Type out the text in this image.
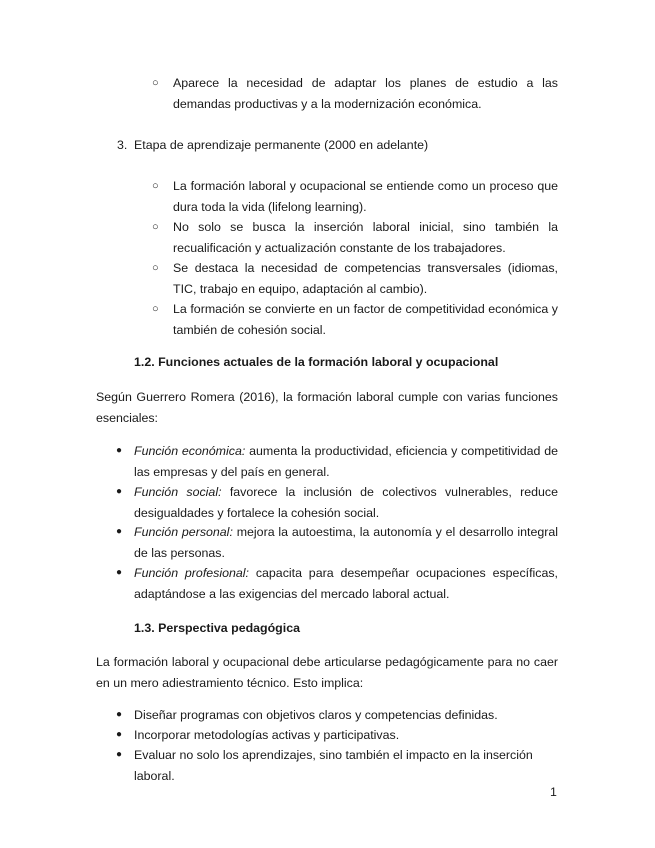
○ Aparece la necesidad de adaptar los planes de estudio a las demandas productivas y a la modernización económica.
3. Etapa de aprendizaje permanente (2000 en adelante)
○ La formación laboral y ocupacional se entiende como un proceso que dura toda la vida (lifelong learning).
○ No solo se busca la inserción laboral inicial, sino también la recualificación y actualización constante de los trabajadores.
○ Se destaca la necesidad de competencias transversales (idiomas, TIC, trabajo en equipo, adaptación al cambio).
○ La formación se convierte en un factor de competitividad económica y también de cohesión social.
1.2. Funciones actuales de la formación laboral y ocupacional
Según Guerrero Romera (2016), la formación laboral cumple con varias funciones esenciales:
● Función económica: aumenta la productividad, eficiencia y competitividad de las empresas y del país en general.
● Función social: favorece la inclusión de colectivos vulnerables, reduce desigualdades y fortalece la cohesión social.
● Función personal: mejora la autoestima, la autonomía y el desarrollo integral de las personas.
● Función profesional: capacita para desempeñar ocupaciones específicas, adaptándose a las exigencias del mercado laboral actual.
1.3. Perspectiva pedagógica
La formación laboral y ocupacional debe articularse pedagógicamente para no caer en un mero adiestramiento técnico. Esto implica:
● Diseñar programas con objetivos claros y competencias definidas.
● Incorporar metodologías activas y participativas.
● Evaluar no solo los aprendizajes, sino también el impacto en la inserción laboral.
1
